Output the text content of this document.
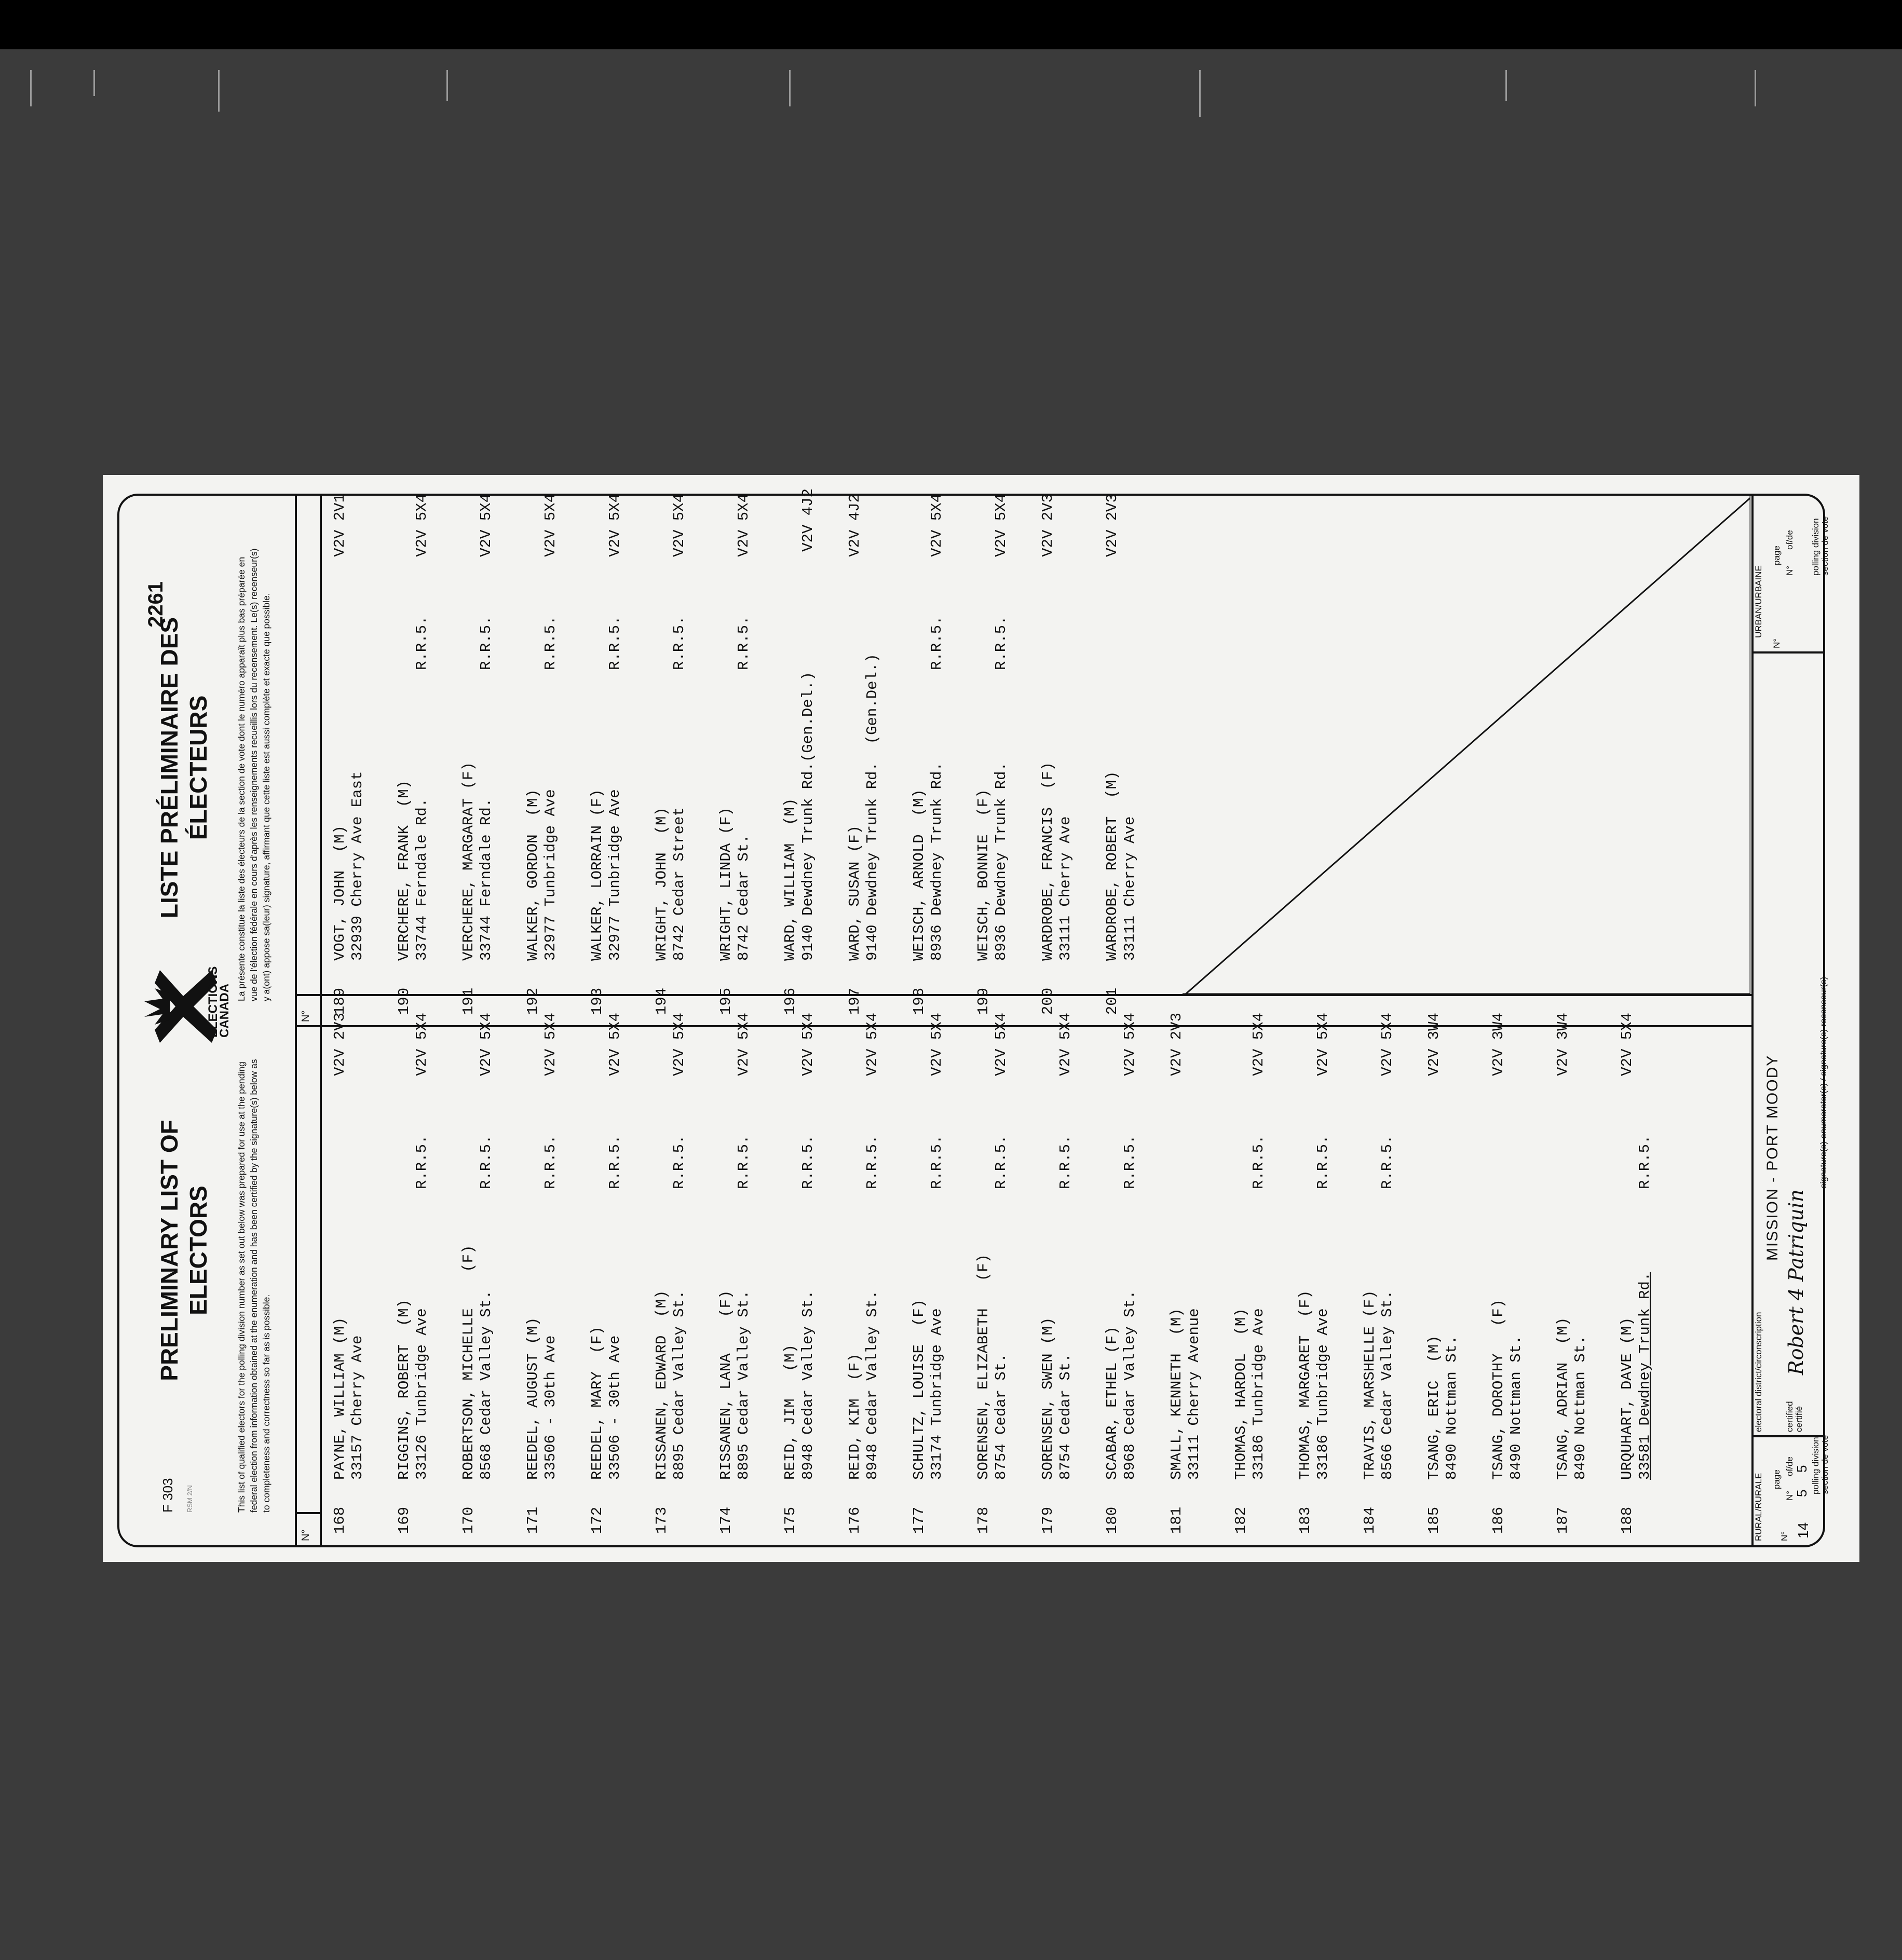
F 303 RSM 2/N
PRELIMINARY LIST OF ELECTORS
ELECTIONS
CANADA
LISTE PRÉLIMINAIRE DES ÉLECTEURS
2261
This list of qualified electors for the polling division number as set out below was prepared for use at the pending federal election from information obtained at the enumeration and has been certified by the signature(s) below as to completeness and correctness so far as is possible.
La présente constitue la liste des électeurs de la section de vote dont le numéro apparaît plus bas préparée en vue de l'élection fédérale en cours d'après les renseignements recueillis lors du recensement. Le(s) recenseur(s) y a(ont) appose sa(leur) signature, affirmant que cette liste est aussi complète et exacte que possible.
N°
N°
168
PAYNE, WILLIAM (M) 33157 Cherry Ave
V2V 2V3
169
RIGGINS, ROBERT  (M) 33126 Tunbridge Ave
R.R.5.
V2V 5X4
170
ROBERTSON, MICHELLE    (F) 8568 Cedar Valley St.
R.R.5.
V2V 5X4
171
REEDEL, AUGUST (M) 33506 - 30th Ave
R.R.5.
V2V 5X4
172
REEDEL, MARY  (F) 33506 - 30th Ave
R.R.5.
V2V 5X4
173
RISSANEN, EDWARD  (M) 8895 Cedar Valley St.
R.R.5.
V2V 5X4
174
RISSANEN, LANA    (F) 8895 Cedar Valley St.
R.R.5.
V2V 5X4
175
REID, JIM   (M) 8948 Cedar Valley St.
R.R.5.
V2V 5X4
176
REID, KIM  (F) 8948 Cedar Valley St.
R.R.5.
V2V 5X4
177
SCHULTZ, LOUISE  (F) 33174 Tunbridge Ave
R.R.5.
V2V 5X4
178
SORENSEN, ELIZABETH   (F) 8754 Cedar St.
R.R.5.
V2V 5X4
179
SORENSEN, SWEN (M) 8754 Cedar St.
R.R.5.
V2V 5X4
180
SCABAR, ETHEL (F) 8968 Cedar Valley St.
R.R.5.
V2V 5X4
181
SMALL, KENNETH  (M) 33111 Cherry Avenue
V2V 2V3
182
THOMAS, HARDOL  (M) 33186 Tunbridge Ave
R.R.5.
V2V 5X4
183
THOMAS, MARGARET  (F) 33186 Tunbridge Ave
R.R.5.
V2V 5X4
184
TRAVIS, MARSHELLE (F) 8566 Cedar Valley St.
R.R.5.
V2V 5X4
185
TSANG, ERIC  (M) 8490 Nottman St.
V2V 3W4
186
TSANG, DOROTHY   (F) 8490 Nottman St.
V2V 3W4
187
TSANG, ADRIAN  (M) 8490 Nottman St.
V2V 3W4
188
URQUHART, DAVE (M) 33581 Dewdney Trunk Rd.
R.R.5.
V2V 5X4
189
VOGT, JOHN  (M) 32939 Cherry Ave East
V2V 2V1
190
VERCHERE, FRANK  (M) 33744 Ferndale Rd.
R.R.5.
V2V 5X4
191
VERCHERE, MARGARAT (F) 33744 Ferndale Rd.
R.R.5.
V2V 5X4
192
WALKER, GORDON  (M) 32977 Tunbridge Ave
R.R.5.
V2V 5X4
193
WALKER, LORRAIN (F) 32977 Tunbridge Ave
R.R.5.
V2V 5X4
194
WRIGHT, JOHN  (M) 8742 Cedar Street
R.R.5.
V2V 5X4
195
WRIGHT, LINDA (F) 8742 Cedar St.
R.R.5.
V2V 5X4
196
WARD, WILLIAM  (M) 9140 Dewdney Trunk Rd.(Gen.Del.)
V2V 4J2
197
WARD, SUSAN (F) 9140 Dewdney Trunk Rd.  (Gen.Del.)
V2V 4J2
198
WEISCH, ARNOLD  (M) 8936 Dewdney Trunk Rd.
R.R.5.
V2V 5X4
199
WEISCH, BONNIE  (F) 8936 Dewdney Trunk Rd.
R.R.5.
V2V 5X4
200
WARDROBE, FRANCIS  (F) 33111 Cherry Ave
V2V 2V3
201
WARDROBE, ROBERT  (M) 33111 Cherry Ave
V2V 2V3
RURAL/RURALE
URBAN/URBAINE
electoral district/circonscription
MISSION - PORT MOODY
N° 14
page
N° 5
of/de 5 polling division section de vote
certified certifié
Robert 4 Patriquin
signature(s)-enumerator(s) / signature(s)-recenseur(s)
N°
page
N°
of/de polling division section de vote
